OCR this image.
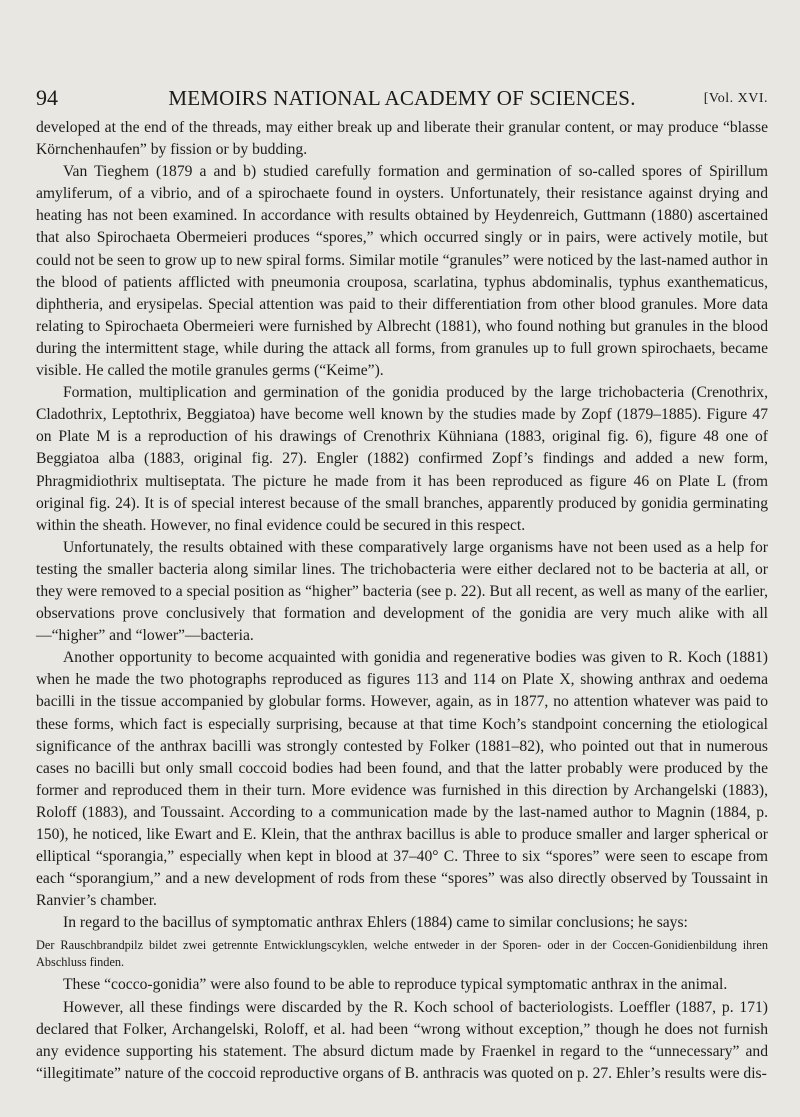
94	MEMOIRS NATIONAL ACADEMY OF SCIENCES.	[Vol. XVI.

developed at the end of the threads, may either break up and liberate their granular content, or may produce “blasse Körnchenhaufen” by fission or by budding.

Van Tieghem (1879 a and b) studied carefully formation and germination of so-called spores of Spirillum amyliferum, of a vibrio, and of a spirochaete found in oysters. Unfortunately, their resistance against drying and heating has not been examined. In accordance with results obtained by Heydenreich, Guttmann (1880) ascertained that also Spirochaeta Obermeieri produces “spores,” which occurred singly or in pairs, were actively motile, but could not be seen to grow up to new spiral forms. Similar motile “granules” were noticed by the last-named author in the blood of patients afflicted with pneumonia crouposa, scarlatina, typhus abdominalis, typhus exanthematicus, diphtheria, and erysipelas. Special attention was paid to their differentiation from other blood granules. More data relating to Spirochaeta Obermeieri were furnished by Albrecht (1881), who found nothing but granules in the blood during the intermittent stage, while during the attack all forms, from granules up to full grown spirochaets, became visible. He called the motile granules germs (“Keime”).

Formation, multiplication and germination of the gonidia produced by the large trichobacteria (Crenothrix, Cladothrix, Leptothrix, Beggiatoa) have become well known by the studies made by Zopf (1879–1885). Figure 47 on Plate M is a reproduction of his drawings of Crenothrix Kühniana (1883, original fig. 6), figure 48 one of Beggiatoa alba (1883, original fig. 27). Engler (1882) confirmed Zopf’s findings and added a new form, Phragmidiothrix multiseptata. The picture he made from it has been reproduced as figure 46 on Plate L (from original fig. 24). It is of special interest because of the small branches, apparently produced by gonidia germinating within the sheath. However, no final evidence could be secured in this respect.

Unfortunately, the results obtained with these comparatively large organisms have not been used as a help for testing the smaller bacteria along similar lines. The trichobacteria were either declared not to be bacteria at all, or they were removed to a special position as “higher” bacteria (see p. 22). But all recent, as well as many of the earlier, observations prove conclusively that formation and development of the gonidia are very much alike with all—“higher” and “lower”—bacteria.

Another opportunity to become acquainted with gonidia and regenerative bodies was given to R. Koch (1881) when he made the two photographs reproduced as figures 113 and 114 on Plate X, showing anthrax and oedema bacilli in the tissue accompanied by globular forms. However, again, as in 1877, no attention whatever was paid to these forms, which fact is especially surprising, because at that time Koch’s standpoint concerning the etiological significance of the anthrax bacilli was strongly contested by Folker (1881–82), who pointed out that in numerous cases no bacilli but only small coccoid bodies had been found, and that the latter probably were produced by the former and reproduced them in their turn. More evidence was furnished in this direction by Archangelski (1883), Roloff (1883), and Toussaint. According to a communication made by the last-named author to Magnin (1884, p. 150), he noticed, like Ewart and E. Klein, that the anthrax bacillus is able to produce smaller and larger spherical or elliptical “sporangia,” especially when kept in blood at 37–40° C. Three to six “spores” were seen to escape from each “sporangium,” and a new development of rods from these “spores” was also directly observed by Toussaint in Ranvier’s chamber.

In regard to the bacillus of symptomatic anthrax Ehlers (1884) came to similar conclusions; he says:

Der Rauschbrandpilz bildet zwei getrennte Entwicklungscyklen, welche entweder in der Sporen- oder in der Coccen-Gonidienbildung ihren Abschluss finden.

These “cocco-gonidia” were also found to be able to reproduce typical symptomatic anthrax in the animal.

However, all these findings were discarded by the R. Koch school of bacteriologists. Loeffler (1887, p. 171) declared that Folker, Archangelski, Roloff, et al. had been “wrong without exception,” though he does not furnish any evidence supporting his statement. The absurd dictum made by Fraenkel in regard to the “unnecessary” and “illegitimate” nature of the coccoid reproductive organs of B. anthracis was quoted on p. 27. Ehler’s results were dis-
